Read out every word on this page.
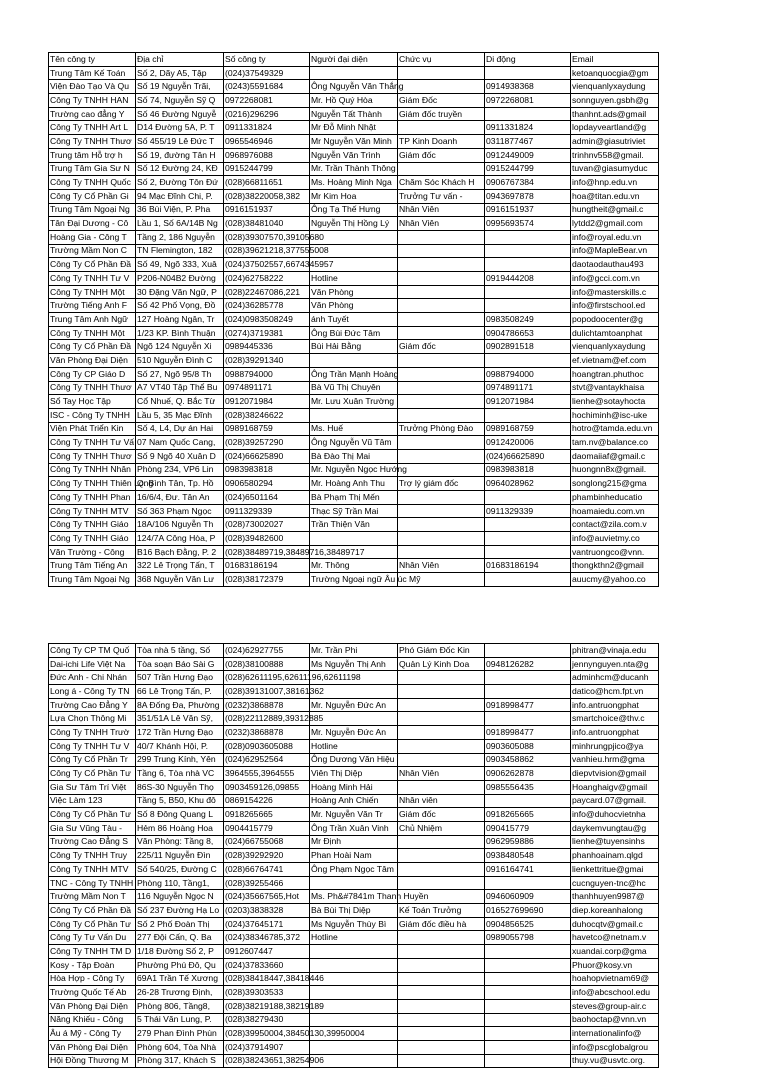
Tên công ty	Địa chỉ	Số công ty	Người đại diện	Chức vụ	Di động	Email

Trung Tâm Kế Toán	Số 2, Dãy A5, Tập	(024)37549329				ketoanquocgia@gm

Viện Đào Tạo Và Qu	Số 19 Nguyễn Trãi,	(0243)5591684	Ông Nguyễn Văn Thắng		0914938368	vienquanlyxaydung

Công Ty TNHH HAN	Số 74, Nguyễn Sỹ Q	0972268081	Mr. Hồ Quý Hòa	Giám Đốc	0972268081	sonnguyen.gsbh@g

Trường cao đẳng Y	Số 46 Đường Nguyễ	(0216)296296	Nguyễn Tất Thành	Giám đốc truyền		thanhnt.ads@gmail

Công Ty TNHH Art L	D14 Đường 5A, P. T	0911331824	Mr Đỗ Minh Nhật		0911331824	lopdayveartland@g

Công Ty TNHH Thươ	Số 455/19 Lê Đức T	0965546946	Mr Nguyễn Văn Minh	TP Kinh Doanh	0311877467	admin@giasutriviet

Trung tâm Hỗ trợ h	Số 19, đường Tân H	0968976088	Nguyễn Văn Trình	Giám đốc	0912449009	trinhnv558@gmail.

Trung Tâm Gia Sư N	Số 12 Đường 24, KĐ	0915244799	Mr. Trần Thành Thông		0915244799	tuvan@giasumyduc

Công Ty TNHH Quốc	Số 2, Đường Tôn Đứ	(028)66811651	Ms. Hoàng Minh Nga	Chăm Sóc Khách H	0906767384	info@hnp.edu.vn

Công Ty Cổ Phần Gi	94 Mạc Đĩnh Chi, P.	(028)38220058,382	Mr Kim Hoa	Trưởng Tư vấn -	0943697878	hoa@titan.edu.vn

Trung Tâm Ngoại Ng	36 Bùi Viện, P. Pha	0916151937	Ông Tạ Thế Hưng	Nhân Viên	0916151937	hungtheit@gmail.c

Tân Đại Dương - Cô	Lầu 1, Số 6A/14B Ng	(028)38481040	Nguyễn Thị Hồng Lý	Nhân Viên	0995693574	lytdd2@gmail.com

Hoàng Gia - Công T	Tầng 2, 186 Nguyễn	(028)39307570,39105680				info@royal.edu.vn

Trường Mầm Non C	TN Flemington, 182	(028)39621218,377555008				info@MapleBear.vn

Công Ty Cổ Phần Đầ	Số 49, Ngõ 333, Xuâ	(024)37502557,6674345957				daotaodauthau493

Công Ty TNHH Tư V	P206-N04B2 Đường	(024)62758222	Hotline		0919444208	info@gcci.com.vn

Công Ty TNHH Một	30 Đặng Văn Ngữ, P	(028)22467086,221	Văn Phòng			info@masterskills.c

Trường Tiếng Anh F	Số 42 Phố Vọng, Đồ	(024)36285778	Văn Phòng			info@firstschool.ed

Trung Tâm Anh Ngữ	127 Hoàng Ngân, Tr	(024)0983508249	ánh Tuyết		0983508249	popodoocenter@g

Công Ty TNHH Một	1/23 KP. Bình Thuận	(0274)3719381	Ông Bùi Đức Tâm		0904786653	dulichtamtoanphat

Công Ty Cổ Phần Đầ	Ngõ 124 Nguyễn Xi	0989445336	Bùi Hải Bằng	Giám đốc	0902891518	vienquanlyxaydung

Văn Phòng Đại Diện	510 Nguyễn Đình C	(028)39291340				ef.vietnam@ef.com

Công Ty CP Giáo D	Số 27, Ngõ 95/8 Th	0988794000	Ông Trần Mạnh Hoàng		0988794000	hoangtran.phuthoc

Công Ty TNHH Thươ	A7 VT40 Tập Thể Bu	0974891171	Bà Vũ Thị Chuyên		0974891171	stvt@vantaykhaisa

Sổ Tay Học Tập	Cổ Nhuế, Q. Bắc Từ	0912071984	Mr. Lưu Xuân Trường		0912071984	lienhe@sotayhocta

ISC - Công Ty TNHH	Lầu 5, 35 Mạc Đĩnh	(028)38246622				hochiminh@isc-uke

Viện Phát Triển Kin	Số 4, L4, Dự án Hai	0989168759	Ms. Huế	Trưởng Phòng Đào	0989168759	hotro@tamda.edu.vn

Công Ty TNHH Tư Vấ	07 Nam Quốc Cang,	(028)39257290	Ông Nguyễn Vũ Tâm		0912420006	tam.nv@balance.co

Công Ty TNHH Thươ	Số 9 Ngõ 40 Xuân D	(024)66625890	Bà Đào Thị Mai		(024)66625890	daomaiiaf@gmail.c

Công Ty TNHH Nhân	Phòng 234, VP6 Lin	0983983818	Mr. Nguyễn Ngọc Hướng		0983983818	huongnn8x@gmail.

Công Ty TNHH Thiên Long	Q. Bình Tân, Tp. Hồ	0906580294	Mr. Hoàng Anh Thu	Trợ lý giám đốc	0964028962	songlong215@gma

Công Ty TNHH Phan	16/6/4, Đư. Tân An	(024)6501164	Bà Phạm Thị Mến			phambinheducatio

Công Ty TNHH MTV	Số 363 Phạm Ngọc	0911329339	Thạc Sỹ Trần Mai		0911329339	hoamaiedu.com.vn

Công Ty TNHH Giáo	18A/106 Nguyễn Th	(028)73002027	Trần Thiện Văn			contact@zila.com.v

Công Ty TNHH Giáo	124/7A Công Hòa, P	(028)39482600				info@auvietmy.co

Văn Trường - Công	B16 Bạch Đằng, P. 2	(028)38489719,38489716,38489717				vantruongco@vnn.

Trung Tâm Tiếng An	322 Lê Trọng Tấn, T	01683186194	Mr. Thông	Nhân Viên	01683186194	thongkthn2@gmail

Trung Tâm Ngoại Ng	368 Nguyễn Văn Lư	(028)38172379	Trường Ngoại ngữ Âu úc Mỹ			auucmy@yahoo.co
Công Ty CP TM Quố	Tòa nhà 5 tầng, Số	(024)62927755	Mr. Trần Phi	Phó Giám Đốc Kin		phitran@vinaja.edu

Dai-ichi Life Việt Na	Tòa soạn Báo Sài G	(028)38100888	Ms Nguyễn Thị Anh	Quản Lý Kinh Doa	0948126282	jennynguyen.nta@g

Đức Anh - Chi Nhán	507 Trần Hưng Đạo	(028)62611195,62611196,62611198				adminhcm@ducanh

Long á - Công Ty TN	66 Lê Trọng Tấn, P.	(028)39131007,38161362				datico@hcm.fpt.vn

Trường Cao Đẳng Y	8A Đống Đa, Phường	(0232)3868878	Mr. Nguyễn Đức An		0918998477	info.antruongphat

Lựa Chọn Thông Mi	351/51A Lê Văn Sỹ,	(028)22112889,39312885				smartchoice@thv.c

Công Ty TNHH Trườ	172 Trần Hưng Đạo	(0232)3868878	Mr. Nguyễn Đức An		0918998477	info.antruongphat

Công Ty TNHH Tư V	40/7 Khánh Hội, P.	(028)0903605088	Hotline		0903605088	minhrungpjico@ya

Công Ty Cổ Phần Tr	299 Trung Kính, Yên	(024)62952564	Ông Dương Văn Hiệu		0903458862	vanhieu.hrm@gma

Công Ty Cổ Phần Tư	Tầng 6, Tòa nhà VC	3964555,3964555	Viên Thị Diệp	Nhân Viên	0906262878	diepvtvision@gmail

Gia Sư Tâm Trí Việt	86S-30 Nguyễn Thọ	0903459126,09855	Hoàng Minh Hải		0985556435	Hoanghaigv@gmail

Việc Làm 123	Tầng 5, B50, Khu đô	0869154226	Hoàng Anh Chiến	Nhân viên		paycard.07@gmail.

Công Ty Cổ Phần Tư	Số 8 Đông Quang L	0918265665	Mr. Nguyễn Văn Tr	Giám đốc	0918265665	info@duhocvietnha

Gia Sư Vũng Tàu -	Hẻm 86 Hoàng Hoa	0904415779	Ông Trần Xuân Vinh	Chủ Nhiệm	090415779	daykemvungtau@g

Trường Cao Đẳng S	Văn Phòng: Tầng 8,	(024)66755068	Mr Định		0962959886	lienhe@tuyensinhs

Công Ty TNHH Truy	225/11 Nguyễn Đìn	(028)39292920	Phan Hoài Nam		0938480548	phanhoainam.qlgd

Công Ty TNHH MTV	Số 540/25, Đường C	(028)66764741	Ông Phạm Ngọc Tâm		0916164741	lienkettritue@gmai

TNC - Công Ty TNHH	Phòng 110, Tầng1,	(028)39255466				cucnguyen-tnc@hc

Trường Mầm Non T	116 Nguyễn Ngọc N	(024)35667565,Hot	Ms. Ph&#7841m Thanh Huyền		0946060909	thanhhuyen9987@

Công Ty Cổ Phần Đầ	Số 237 Đường Hạ Lo	(0203)3838328	Bà Bùi Thị Diệp	Kế Toán Trưởng	016527699690	diep.koreanhalong

Công Ty Cổ Phần Tư	Số 2 Phố Đoàn Thị	(024)37645171	Ms Nguyễn Thùy Bì	Giám đốc điều hà	0904856525	duhocqtv@gmail.c

Công Ty Tư Vấn Du	277 Đội Cấn, Q. Ba	(024)38346785,372	Hotline		0989055798	havetco@netnam.v

Công Ty TNHH TM D	1/18 Đường Số 2, P	0912607447				xuandai.corp@gma

Kosy - Tập Đoàn	Phường Phú Đô, Qu	(024)37833660				Phuor@kosy.vn

Hòa Hợp - Công Ty	69A1 Trần Tế Xương	(028)38418447,38418446				hoahopvietnam69@

Trường Quốc Tế Ab	26-28 Trương Định,	(028)39303533				info@abcschool.edu

Văn Phòng Đại Diện	Phòng 806, Tầng8,	(028)38219188,38219189				steves@group-air.c

Năng Khiếu - Công	5 Thái Văn Lung, P.	(028)38279430				baohoctap@vnn.vn

Âu á Mỹ - Công Ty	279 Phan Đình Phùn	(028)39950004,38450130,39950004				internationalinfo@

Văn Phòng Đại Diện	Phòng 604, Tòa Nhà	(024)37914907				info@pscglobalgrou

Hội Đồng Thương M	Phòng 317, Khách S	(028)38243651,38254906				thuy.vu@usvtc.org.
